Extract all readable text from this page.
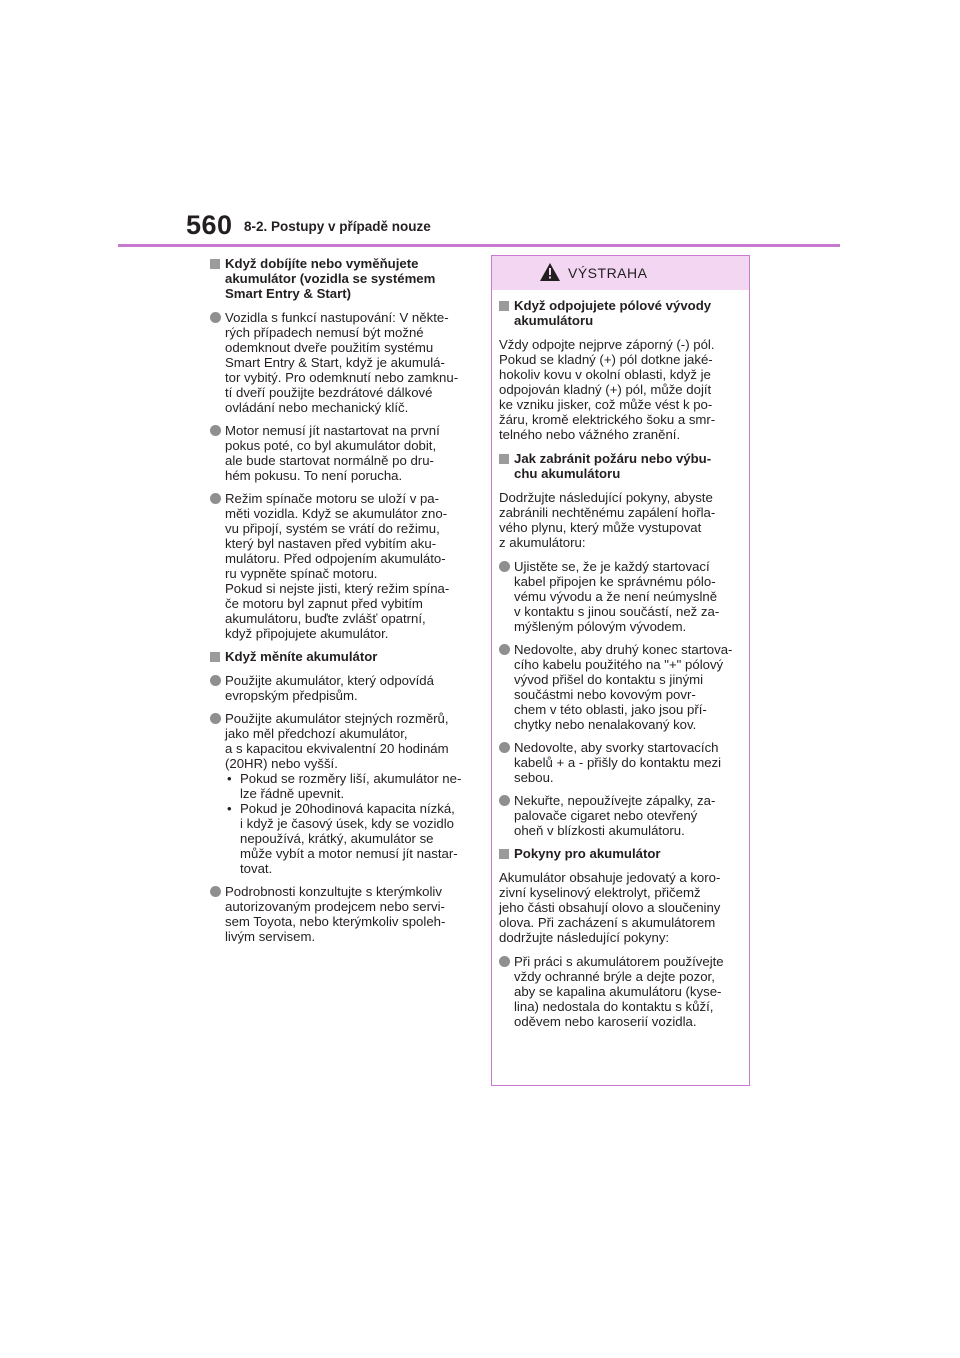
560 8-2. Postupy v případě nouze
Když dobíjíte nebo vyměňujete
akumulátor (vozidla se systémem
Smart Entry & Start)
Vozidla s funkcí nastupování: V někte-
rých případech nemusí být možné
odemknout dveře použitím systému
Smart Entry & Start, když je akumulá-
tor vybitý. Pro odemknutí nebo zamknu-
tí dveří použijte bezdrátové dálkové
ovládání nebo mechanický klíč.
Motor nemusí jít nastartovat na první
pokus poté, co byl akumulátor dobit,
ale bude startovat normálně po dru-
hém pokusu. To není porucha.
Režim spínače motoru se uloží v pa-
měti vozidla. Když se akumulátor zno-
vu připojí, systém se vrátí do režimu,
který byl nastaven před vybitím aku-
mulátoru. Před odpojením akumuláto-
ru vypněte spínač motoru.
Pokud si nejste jisti, který režim spína-
če motoru byl zapnut před vybitím
akumulátoru, buďte zvlášť opatrní,
když připojujete akumulátor.
Když měníte akumulátor
Použijte akumulátor, který odpovídá
evropským předpisům.
Použijte akumulátor stejných rozměrů,
jako měl předchozí akumulátor,
a s kapacitou ekvivalentní 20 hodinám
(20HR) nebo vyšší.
• Pokud se rozměry liší, akumulátor ne-
lze řádně upevnit.
• Pokud je 20hodinová kapacita nízká,
i když je časový úsek, kdy se vozidlo
nepoužívá, krátký, akumulátor se
může vybít a motor nemusí jít nastar-
tovat.
Podrobnosti konzultujte s kterýmkoliv
autorizovaným prodejcem nebo servi-
sem Toyota, nebo kterýmkoliv spoleh-
livým servisem.
VÝSTRAHA
Když odpojujete pólové vývody
akumulátoru

Vždy odpojte nejprve záporný (-) pól.
Pokud se kladný (+) pól dotkne jaké-
hokoliv kovu v okolní oblasti, když je
odpojován kladný (+) pól, může dojít
ke vzniku jisker, což může vést k po-
žáru, kromě elektrického šoku a smr-
telného nebo vážného zranění.

Jak zabránit požáru nebo výbu-
chu akumulátoru

Dodržujte následující pokyny, abyste
zabránili nechtěnému zapálení hořla-
vého plynu, který může vystupovat
z akumulátoru:

Ujistěte se, že je každý startovací
kabel připojen ke správnému pólo-
vému vývodu a že není neúmyslně
v kontaktu s jinou součástí, než za-
mýšleným pólovým vývodem.
Nedovolte, aby druhý konec startova-
cího kabelu použitého na "+" pólový
vývod přišel do kontaktu s jinými
součástmi nebo kovovým povr-
chem v této oblasti, jako jsou pří-
chytky nebo nenalakovaný kov.
Nedovolte, aby svorky startovacích
kabelů + a - přišly do kontaktu mezi
sebou.
Nekuřte, nepoužívejte zápalky, za-
palovače cigaret nebo otevřený
oheň v blízkosti akumulátoru.
Pokyny pro akumulátor

Akumulátor obsahuje jedovatý a koro-
zivní kyselinový elektrolyt, přičemž
jeho části obsahují olovo a sloučeniny
olova. Při zacházení s akumulátorem
dodržujte následující pokyny:

Při práci s akumulátorem používejte
vždy ochranné brýle a dejte pozor,
aby se kapalina akumulátoru (kyse-
lina) nedostala do kontaktu s kůží,
oděvem nebo karoserií vozidla.
